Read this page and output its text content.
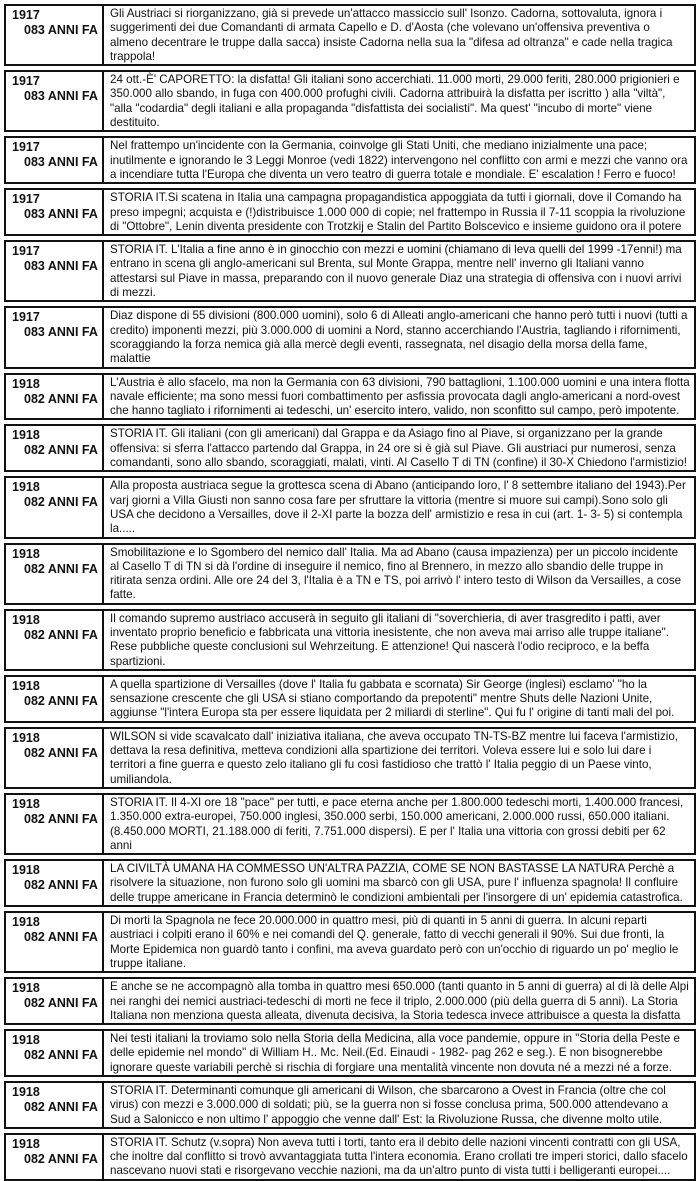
1917
083 ANNI FA
Gli Austriaci si riorganizzano, già si prevede un'attacco massiccio sull' Isonzo. Cadorna, sottovaluta, ignora i suggerimenti dei due Comandanti di armata Capello e D. d'Aosta (che volevano un'offensiva preventiva o almeno decentrare le truppe dalla sacca) insiste Cadorna nella sua la "difesa ad oltranza" e cade nella tragica trappola!
1917
083 ANNI FA
24 ott.-È' CAPORETTO: la disfatta! Gli italiani sono accerchiati. 11.000 morti, 29.000 feriti, 280.000 prigionieri e 350.000 allo sbando, in fuga con 400.000 profughi civili. Cadorna attribuirà la disfatta per iscritto ) alla "viltà", "alla "codardia" degli italiani e alla propaganda "disfattista dei socialisti". Ma quest' "incubo di morte" viene destituito.
1917
083 ANNI FA
Nel frattempo un'incidente con la Germania, coinvolge gli Stati Uniti, che mediano inizialmente una pace; inutilmente e ignorando le 3 Leggi Monroe (vedi 1822) intervengono nel conflitto con armi e mezzi che vanno ora a incendiare tutta l'Europa che diventa un vero teatro di guerra totale e mondiale. E' escalation ! Ferro e fuoco!
1917
083 ANNI FA
STORIA IT.Si scatena in Italia una campagna propagandistica appoggiata da tutti i giornali, dove il Comando ha preso impegni; acquista e (!)distribuisce 1.000 000 di copie; nel frattempo in Russia il 7-11 scoppia la rivoluzione di "Ottobre", Lenin diventa presidente con Trotzkij e Stalin del Partito Bolscevico e insieme guidono ora il potere
1917
083 ANNI FA
STORIA IT. L'Italia a fine anno è in ginocchio con mezzi e uomini (chiamano di leva quelli del 1999 -17enni!) ma entrano in scena gli anglo-americani sul Brenta, sul Monte Grappa, mentre nell' inverno gli Italiani vanno attestarsi sul Piave in massa, preparando con il nuovo generale Diaz una strategia di offensiva con i nuovi arrivi di mezzi.
1917
083 ANNI FA
Diaz dispone di 55 divisioni (800.000 uomini), solo 6 di Alleati anglo-americani che hanno però tutti i nuovi (tutti a credito) imponenti mezzi, più 3.000.000 di uomini a Nord, stanno accerchiando l'Austria, tagliando i rifornimenti, scoraggiando la forza nemica già alla mercè degli eventi, rassegnata, nel disagio della morsa della fame, malattie
1918
082 ANNI FA
L'Austria è allo sfacelo, ma non la Germania con 63 divisioni, 790 battaglioni, 1.100.000 uomini e una intera flotta navale efficiente; ma sono messi fuori combattimento per asfissia provocata dagli anglo-americani a nord-ovest che hanno tagliato i rifornimenti ai tedeschi, un' esercito intero, valido, non sconfitto sul campo, però impotente.
1918
082 ANNI FA
STORIA IT. Gli italiani (con gli americani) dal Grappa e da Asiago fino al Piave, si organizzano per la grande offensiva: si sferra l'attacco partendo dal Grappa, in 24 ore si è già sul Piave. Gli austriaci pur numerosi, senza comandanti, sono allo sbando, scoraggiati, malati, vinti. Al Casello T di TN (confine) il 30-X Chiedono l'armistizio!
1918
082 ANNI FA
Alla proposta austriaca segue la grottesca scena di Abano (anticipando loro, l' 8 settembre italiano del 1943).Per varj giorni a Villa Giusti non sanno cosa fare per sfruttare la vittoria (mentre si muore sui campi).Sono solo gli USA che decidono a Versailles, dove il 2-XI parte la bozza dell' armistizio e resa in cui (art. 1- 3- 5) si contempla la.....
1918
082 ANNI FA
Smobilitazione e lo Sgombero del nemico dall' Italia. Ma ad Abano (causa impazienza) per un piccolo incidente al Casello T di TN si dà l'ordine di inseguire il nemico, fino al Brennero, in mezzo allo sbandio delle truppe in ritirata senza ordini. Alle ore 24 del 3, l'Italia è a TN e TS, poi arrivò l' intero testo di Wilson da Versailles, a cose fatte.
1918
082 ANNI FA
Il comando supremo austriaco accuserà in seguito gli italiani di "soverchieria, di aver trasgredito i patti, aver inventato proprio beneficio e fabbricata una vittoria inesistente, che non aveva mai arriso alle truppe italiane". Rese pubbliche queste conclusioni sul Wehrzeitung. E attenzione! Qui nascerà l'odio reciproco, e la beffa spartizioni.
1918
082 ANNI FA
A quella spartizione di Versailles (dove l' Italia fu gabbata e scornata) Sir George (inglesi) esclamo' "ho la sensazione crescente che gli USA si stiano comportando da prepotenti" mentre Shuts delle Nazioni Unite, aggiunse "l'intera Europa sta per essere liquidata per 2 miliardi di sterline". Qui fu l' origine di tanti mali del poi.
1918
082 ANNI FA
WILSON si vide scavalcato dall' iniziativa italiana, che aveva occupato TN-TS-BZ mentre lui faceva l'armistizio, dettava la resa definitiva, metteva condizioni alla spartizione dei territori. Voleva essere lui e solo lui dare i territori a fine guerra e questo zelo italiano gli fu così fastidioso che trattò l' Italia peggio di un Paese vinto, umiliandola.
1918
082 ANNI FA
STORIA IT. Il 4-XI ore 18 "pace" per tutti, e pace eterna anche per 1.800.000 tedeschi morti, 1.400.000 francesi, 1.350.000 extra-europei, 750.000 inglesi, 350.000 serbi, 150.000 americani, 2.000.000 russi, 650.000 italiani. (8.450.000 MORTI, 21.188.000 di feriti, 7.751.000 dispersi). E per l' Italia una vittoria con grossi debiti per 62 anni
1918
082 ANNI FA
LA CIVILTÀ UMANA HA COMMESSO UN'ALTRA PAZZIA, COME SE NON BASTASSE LA NATURA Perchè a risolvere la situazione, non furono solo gli uomini ma sbarcò con gli USA, pure l' influenza spagnola! Il confluire delle truppe americane in Francia determinò le condizioni ambientali per l'insorgere di un' epidemia catastrofica.
1918
082 ANNI FA
Di morti la Spagnola ne fece 20.000.000 in quattro mesi, più di quanti in 5 anni di guerra. In alcuni reparti austriaci i colpiti erano il 60% e nei comandi del Q. generale, fatto di vecchi generali il 90%. Sui due fronti, la Morte Epidemica non guardò tanto i confini, ma aveva guardato però con un'occhio di riguardo un po' meglio le truppe italiane.
1918
082 ANNI FA
E anche se ne accompagnò alla tomba in quattro mesi 650.000 (tanti quanto in 5 anni di guerra) al di là delle Alpi nei ranghi dei nemici austriaci-tedeschi di morti ne fece il triplo, 2.000.000 (più della guerra di 5 anni). La Storia Italiana non menziona questa alleata, divenuta decisiva, la Storia tedesca invece attribuisce a questa la disfatta
1918
082 ANNI FA
Nei testi italiani la troviamo solo nella Storia della Medicina, alla voce pandemie, oppure in "Storia della Peste e delle epidemie nel mondo" di William H.. Mc. Neil.(Ed. Einaudi - 1982- pag 262 e seg.). E non bisognerebbe ignorare queste variabili perchè si rischia di forgiare una mentalità vincente non dovuta né a mezzi né a forze.
1918
082 ANNI FA
STORIA IT. Determinanti comunque gli americani di Wilson, che sbarcarono a Ovest in Francia (oltre che col virus) con mezzi e 3.000.000 di soldati; più, se la guerra non si fosse conclusa prima, 500.000 attendevano a Sud a Salonicco e non ultimo l' appoggio che venne dall' Est: la Rivoluzione Russa, che divenne molto utile.
1918
082 ANNI FA
STORIA IT. Schutz (v.sopra) Non aveva tutti i torti, tanto era il debito delle nazioni vincenti contratti con gli USA, che inoltre dal conflitto si trovò avvantaggiata tutta l'intera economia. Erano crollati tre imperi storici, dallo sfacelo nascevano nuovi stati e risorgevano vecchie nazioni, ma da un'altro punto di vista tutti i belligeranti europei....
